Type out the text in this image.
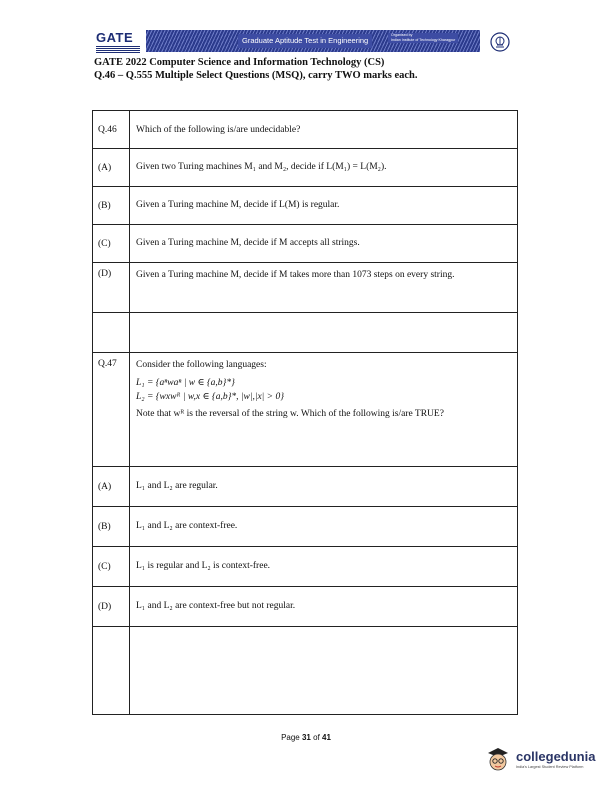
GATE	Graduate Aptitude Test in Engineering
Organised by
Indian Institute of Technology Kharagpur
GATE 2022 Computer Science and Information Technology (CS)
Q.46 – Q.555 Multiple Select Questions (MSQ), carry TWO marks each.
Q.46	Which of the following is/are undecidable?
(A)	Given two Turing machines M₁ and M₂, decide if L(M₁) = L(M₂).
(B)	Given a Turing machine M, decide if L(M) is regular.
(C)	Given a Turing machine M, decide if M accepts all strings.
(D)	Given a Turing machine M, decide if M takes more than 1073 steps on every string.

Q.47	Consider the following languages:
L₁ = {aⁿwaⁿ | w ∈ {a,b}*}
L₂ = {wxwᴿ | w,x ∈ {a,b}*, |w|,|x| > 0}
Note that wᴿ is the reversal of the string w. Which of the following is/are TRUE?

(A)	L₁ and L₂ are regular.
(B)	L₁ and L₂ are context-free.
(C)	L₁ is regular and L₂ is context-free.
(D)	L₁ and L₂ are context-free but not regular.

Page 31 of 41
collegedunia
India's Largest Student Review Platform
